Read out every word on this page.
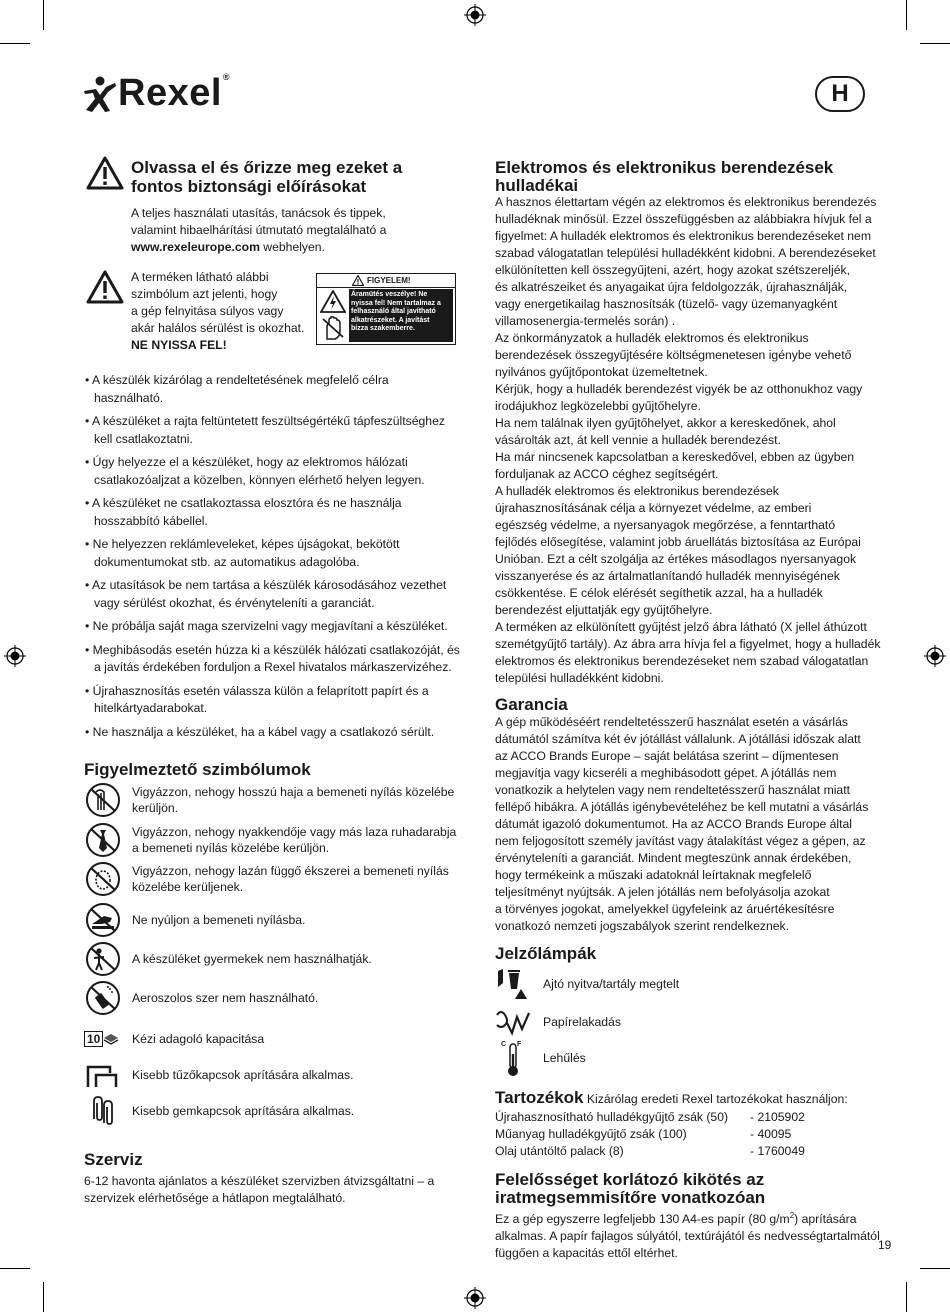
Rexel®
H

Olvassa el és őrizze meg ezeket a

fontos biztonsági előírásokat

A teljes használati utasítás, tanácsok és tippek,

valamint hibaelhárítási útmutató megtalálható a

www.rexeleurope.com webhelyen.

A terméken látható alábbi

szimbólum azt jelenti, hogy

a gép felnyitása súlyos vagy

akár halálos sérülést is okozhat.

NE NYISSA FEL!

FIGYELEM!
Áramütés veszélye! Ne
nyissa fel! Nem tartalmaz a
felhasználó által javítható
alkatrészeket. A javítást
bízza szakemberre.

• A készülék kizárólag a rendeltetésének megfelelő célra
használható.

• A készüléket a rajta feltüntetett feszültségértékű tápfeszültséghez
kell csatlakoztatni.

• Úgy helyezze el a készüléket, hogy az elektromos hálózati
csatlakozóaljzat a közelben, könnyen elérhető helyen legyen.

• A készüléket ne csatlakoztassa elosztóra és ne használja
hosszabbító kábellel.

• Ne helyezzen reklámleveleket, képes újságokat, bekötött
dokumentumokat stb. az automatikus adagolóba.

• Az utasítások be nem tartása a készülék károsodásához vezethet
vagy sérülést okozhat, és érvényteleníti a garanciát.

• Ne próbálja saját maga szervizelni vagy megjavítani a készüléket.

• Meghibásodás esetén húzza ki a készülék hálózati csatlakozóját, és
a javítás érdekében forduljon a Rexel hivatalos márkaszervizéhez.

• Újrahasznosítás esetén válassza külön a felaprított papírt és a
hitelkártyadarabokat.

• Ne használja a készüléket, ha a kábel vagy a csatlakozó sérült.

Figyelmeztető szimbólumok

Vigyázzon, nehogy hosszú haja a bemeneti nyílás közelébe
kerüljön.
Vigyázzon, nehogy nyakkendője vagy más laza ruhadarabja
a bemeneti nyílás közelébe kerüljön.
Vigyázzon, nehogy lazán függő ékszerei a bemeneti nyílás
közelébe kerüljenek.
Ne nyúljon a bemeneti nyílásba.
A készüléket gyermekek nem használhatják.
Aeroszolos szer nem használható.
10	Kézi adagoló kapacitása
Kisebb tűzőkapcsok aprítására alkalmas.
Kisebb gemkapcsok aprítására alkalmas.

Szerviz

6-12 havonta ajánlatos a készüléket szervizben átvizsgáltatni – a

szervizek elérhetősége a hátlapon megtalálható.

Elektromos és elektronikus berendezések

hulladékai

A hasznos élettartam végén az elektromos és elektronikus berendezés

hulladéknak minősül. Ezzel összefüggésben az alábbiakra hívjuk fel a

figyelmet: A hulladék elektromos és elektronikus berendezéseket nem

szabad válogatatlan települési hulladékként kidobni. A berendezéseket

elkülönítetten kell összegyűjteni, azért, hogy azokat szétszereljék,

és alkatrészeiket és anyagaikat újra feldolgozzák, újrahasználják,

vagy energetikailag hasznosítsák (tüzelő- vagy üzemanyagként

villamosenergia-termelés során) .

Az önkormányzatok a hulladék elektromos és elektronikus

berendezések összegyűjtésére költségmenetesen igénybe vehető

nyilvános gyűjtőpontokat üzemeltetnek.

Kérjük, hogy a hulladék berendezést vigyék be az otthonukhoz vagy

irodájukhoz legközelebbi gyűjtőhelyre.

Ha nem találnak ilyen gyűjtőhelyet, akkor a kereskedőnek, ahol

vásárolták azt, át kell vennie a hulladék berendezést.

Ha már nincsenek kapcsolatban a kereskedővel, ebben az ügyben

forduljanak az ACCO céghez segítségért.

A hulladék elektromos és elektronikus berendezések

újrahasznosításának célja a környezet védelme, az emberi

egészség védelme, a nyersanyagok megőrzése, a fenntartható

fejlődés elősegítése, valamint jobb áruellátás biztosítása az Európai

Unióban. Ezt a célt szolgálja az értékes másodlagos nyersanyagok

visszanyerése és az ártalmatlanítandó hulladék mennyiségének

csökkentése. E célok elérését segíthetik azzal, ha a hulladék

berendezést eljuttatják egy gyűjtőhelyre.

A terméken az elkülönített gyűjtést jelző ábra látható (X jellel áthúzott

szemétgyűjtő tartály). Az ábra arra hívja fel a figyelmet, hogy a hulladék

elektromos és elektronikus berendezéseket nem szabad válogatatlan

települési hulladékként kidobni.

Garancia

A gép működéséért rendeltetésszerű használat esetén a vásárlás

dátumától számítva két év jótállást vállalunk. A jótállási időszak alatt

az ACCO Brands Europe – saját belátása szerint – díjmentesen

megjavítja vagy kicseréli a meghibásodott gépet. A jótállás nem

vonatkozik a helytelen vagy nem rendeltetésszerű használat miatt

fellépő hibákra. A jótállás igénybevételéhez be kell mutatni a vásárlás

dátumát igazoló dokumentumot. Ha az ACCO Brands Europe által

nem feljogosított személy javítást vagy átalakítást végez a gépen, az

érvényteleníti a garanciát. Mindent megteszünk annak érdekében,

hogy termékeink a műszaki adatoknál leírtaknak megfelelő

teljesítményt nyújtsák. A jelen jótállás nem befolyásolja azokat

a törvényes jogokat, amelyekkel ügyfeleink az áruértékesítésre

vonatkozó nemzeti jogszabályok szerint rendelkeznek.

Jelzőlámpák

Ajtó nyitva/tartály megtelt
Papírelakadás
C F
Lehűlés
Tartozékok Kizárólag eredeti Rexel tartozékokat használjon:
Újrahasznosítható hulladékgyűjtő zsák (50)	- 2105902
Műanyag hulladékgyűjtő zsák (100)	- 40095
Olaj utántöltő palack (8)	- 1760049

Felelősséget korlátozó kikötés az

iratmegsemmisítőre vonatkozóan

Ez a gép egyszerre legfeljebb 130 A4-es papír (80 $g/m^2$) aprítására

alkalmas. A papír fajlagos súlyától, textúrájától és nedvességtartalmától

függően a kapacitás ettől eltérhet.

19
